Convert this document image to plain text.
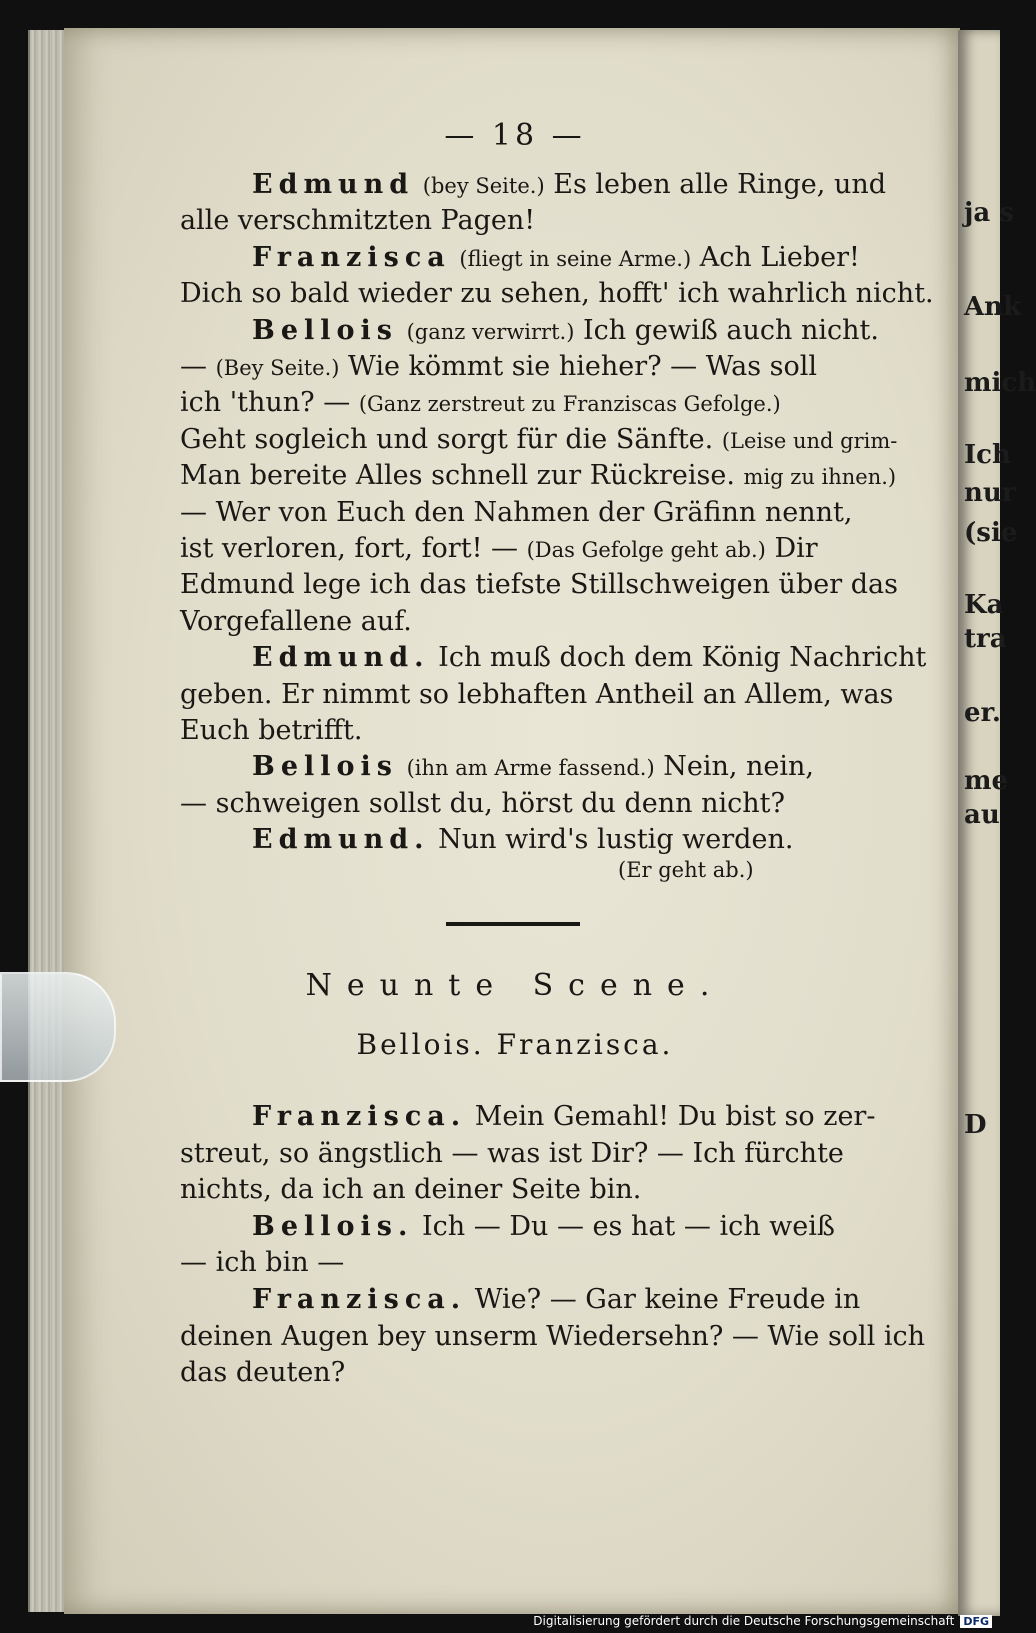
ja s
Ank
mich
Ich
nur
(sie
Ka
tra
er.
me
au
D
— 18 —
Edmund (bey Seite.) Es leben alle Ringe, und
alle verschmitzten Pagen!
Franzisca (fliegt in seine Arme.) Ach Lieber!
Dich so bald wieder zu sehen, hofft' ich wahrlich nicht.
Bellois (ganz verwirrt.) Ich gewiß auch nicht.
— (Bey Seite.) Wie kömmt sie hieher? — Was soll
ich 'thun? — (Ganz zerstreut zu Franziscas Gefolge.)
Geht sogleich und sorgt für die Sänfte. (Leise und grim-
Man bereite Alles schnell zur Rückreise. mig zu ihnen.)
— Wer von Euch den Nahmen der Gräfinn nennt,
ist verloren, fort, fort! — (Das Gefolge geht ab.) Dir
Edmund lege ich das tiefste Stillschweigen über das
Vorgefallene auf.
Edmund. Ich muß doch dem König Nachricht
geben. Er nimmt so lebhaften Antheil an Allem, was
Euch betrifft.
Bellois (ihn am Arme fassend.) Nein, nein,
— schweigen sollst du, hörst du denn nicht?
Edmund. Nun wird's lustig werden.
(Er geht ab.)
Neunte Scene.
Bellois. Franzisca.
Franzisca. Mein Gemahl! Du bist so zer-
streut, so ängstlich — was ist Dir? — Ich fürchte
nichts, da ich an deiner Seite bin.
Bellois. Ich — Du — es hat — ich weiß
— ich bin —
Franzisca. Wie? — Gar keine Freude in
deinen Augen bey unserm Wiedersehn? — Wie soll ich
das deuten?
Digitalisierung gefördert durch die Deutsche Forschungsgemeinschaft DFG
